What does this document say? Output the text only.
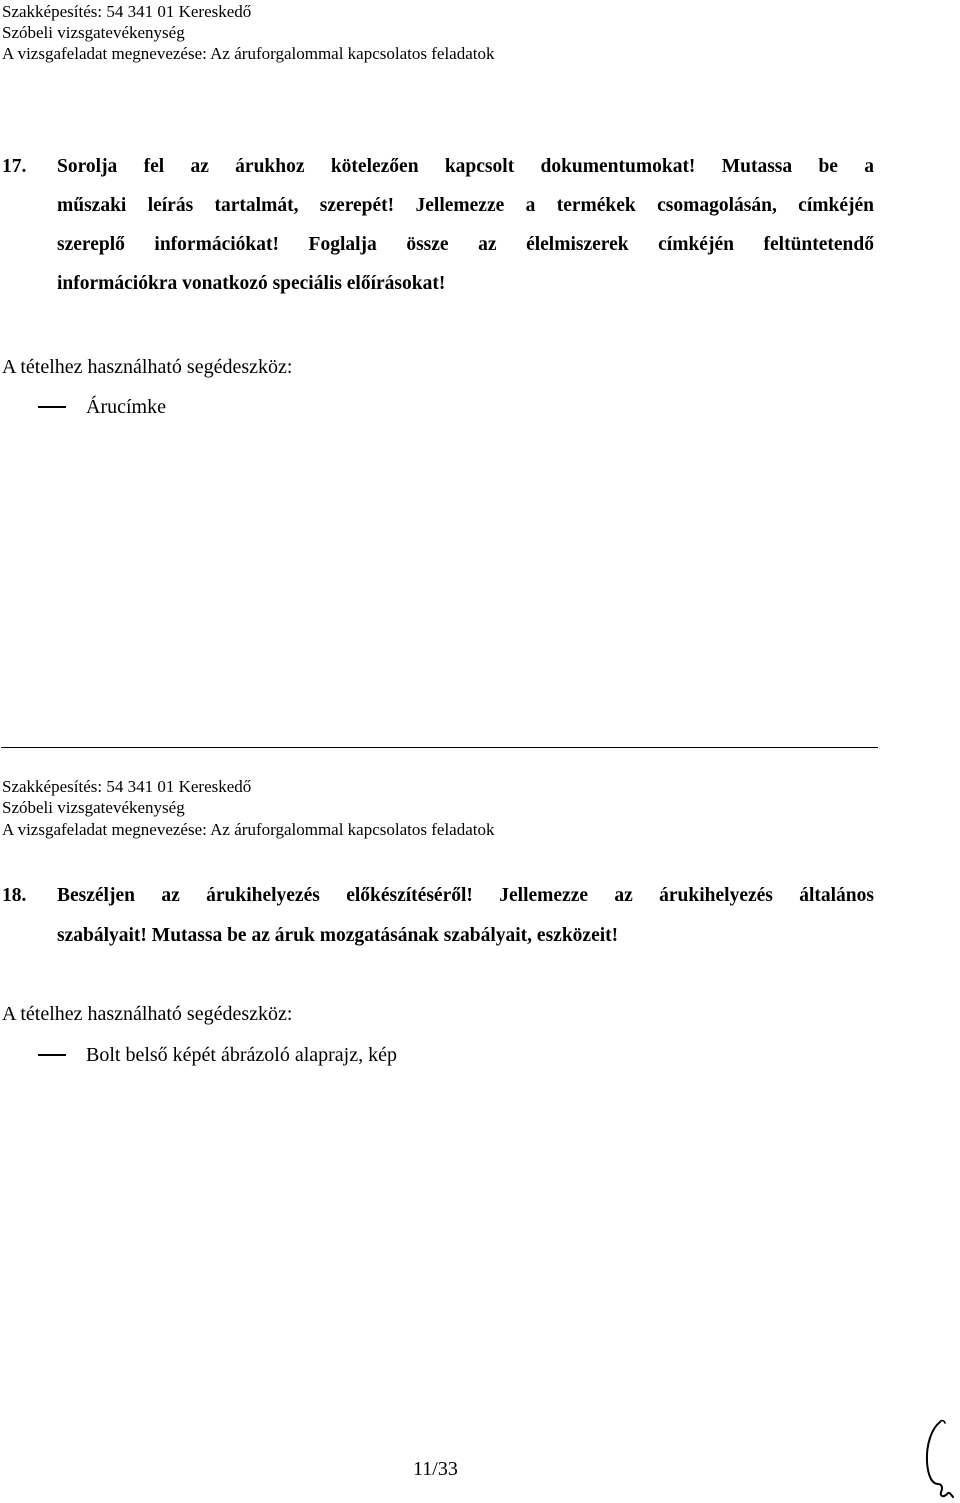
Szakképesítés: 54 341 01 Kereskedő
Szóbeli vizsgatevékenység
A vizsgafeladat megnevezése: Az áruforgalommal kapcsolatos feladatok
17. Sorolja fel az árukhoz kötelezően kapcsolt dokumentumokat! Mutassa be a
műszaki leírás tartalmát, szerepét! Jellemezze a termékek csomagolásán, címkéjén
szereplő információkat! Foglalja össze az élelmiszerek címkéjén feltüntetendő
információkra vonatkozó speciális előírásokat!
A tételhez használható segédeszköz:
Árucímke
Szakképesítés: 54 341 01 Kereskedő
Szóbeli vizsgatevékenység
A vizsgafeladat megnevezése: Az áruforgalommal kapcsolatos feladatok
18. Beszéljen az árukihelyezés előkészítéséről! Jellemezze az árukihelyezés általános
szabályait! Mutassa be az áruk mozgatásának szabályait, eszközeit!
A tételhez használható segédeszköz:
Bolt belső képét ábrázoló alaprajz, kép
11/33
